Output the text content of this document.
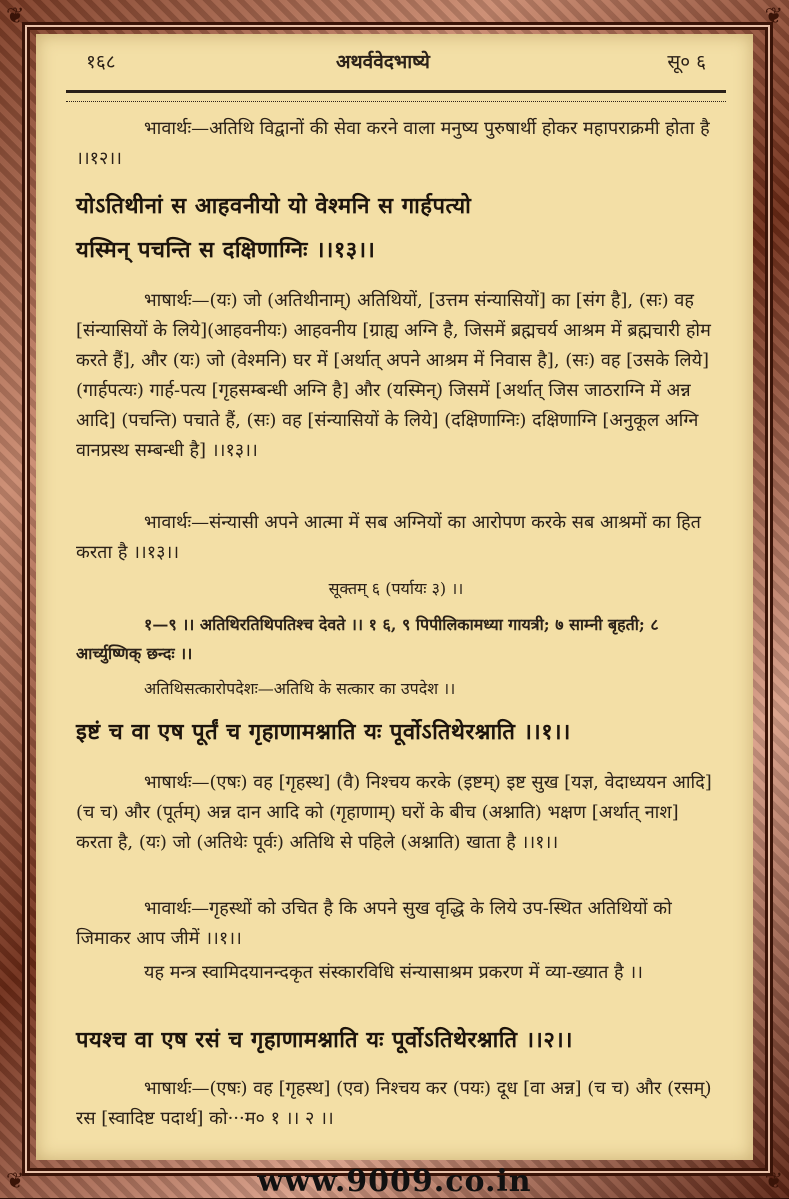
❦	❦
❦	❦
१६८	अथर्ववेदभाष्ये	सू० ६

भावार्थः—अतिथि विद्वानों की सेवा करने वाला मनुष्य पुरुषार्थी होकर महापराक्रमी होता है ।।१२।।

योऽतिथीनां स आहवनीयो यो वेश्मनि स गार्हपत्यो
यस्मिन् पचन्ति स दक्षिणाग्निः ।।१३।।

भाषार्थः—(यः) जो (अतिथीनाम्) अतिथियों, [उत्तम संन्यासियों] का [संग है], (सः) वह [संन्यासियों के लिये](आहवनीयः) आहवनीय [ग्राह्य अग्नि है, जिसमें ब्रह्मचर्य आश्रम में ब्रह्मचारी होम करते हैं], और (यः) जो (वेश्मनि) घर में [अर्थात् अपने आश्रम में निवास है], (सः) वह [उसके लिये] (गार्हपत्यः) गार्ह-पत्य [गृहसम्बन्धी अग्नि है] और (यस्मिन्) जिसमें [अर्थात् जिस जाठराग्नि में अन्न आदि] (पचन्ति) पचाते हैं, (सः) वह [संन्यासियों के लिये] (दक्षिणाग्निः) दक्षिणाग्नि [अनुकूल अग्नि वानप्रस्थ सम्बन्धी है] ।।१३।।

भावार्थः—संन्यासी अपने आत्मा में सब अग्नियों का आरोपण करके सब आश्रमों का हित करता है ।।१३।।

सूक्तम् ६ (पर्यायः ३) ।।

१—९ ।। अतिथिरतिथिपतिश्च देवते ।। १ ६, ९ पिपीलिकामध्या गायत्री; ७ साम्नी बृहती; ८ आर्च्युष्णिक् छन्दः ।।

अतिथिसत्कारोपदेशः—अतिथि के सत्कार का उपदेश ।।

इष्टं च वा एष पूर्तं च गृहाणामश्नाति यः पूर्वोऽतिथेरश्नाति ।।१।।

भाषार्थः—(एषः) वह [गृहस्थ] (वै) निश्चय करके (इष्टम्) इष्ट सुख [यज्ञ, वेदाध्ययन आदि] (च च) और (पूर्तम्) अन्न दान आदि को (गृहाणाम्) घरों के बीच (अश्नाति) भक्षण [अर्थात् नाश] करता है, (यः) जो (अतिथेः पूर्वः) अतिथि से पहिले (अश्नाति) खाता है ।।१।।

भावार्थः—गृहस्थों को उचित है कि अपने सुख वृद्धि के लिये उप-स्थित अतिथियों को जिमाकर आप जीमें ।।१।।

यह मन्त्र स्वामिदयानन्दकृत संस्कारविधि संन्यासाश्रम प्रकरण में व्या-ख्यात है ।।

पयश्च वा एष रसं च गृहाणामश्नाति यः पूर्वोऽतिथेरश्नाति ।।२।।

भाषार्थः—(एषः) वह [गृहस्थ] (एव) निश्चय कर (पयः) दूध [वा अन्न] (च च) और (रसम्) रस [स्वादिष्ट पदार्थ] को···म० १ ।। २ ।।

www.9009.co.in
